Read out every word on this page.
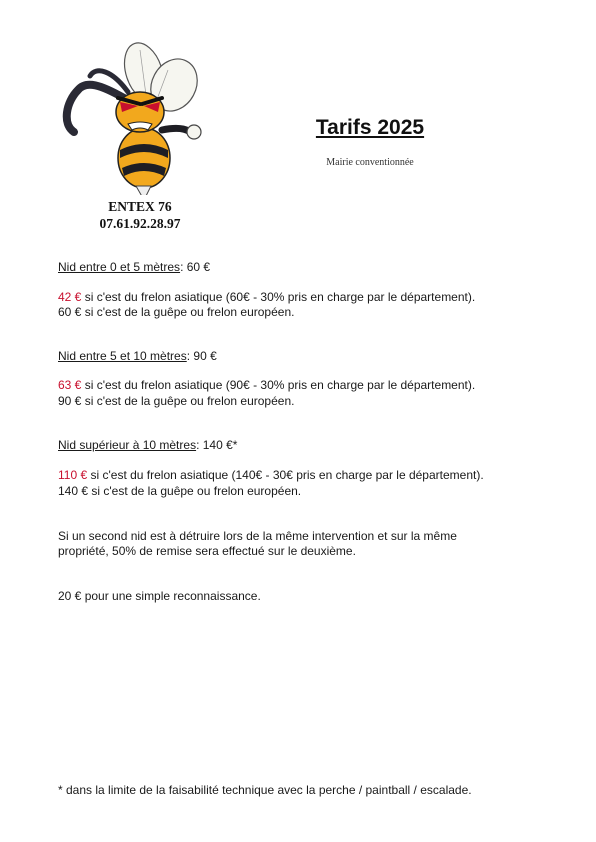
ENTEX 76
07.61.92.28.97
Tarifs 2025
Mairie conventionnée
Nid entre 0 et 5 mètres: 60 €
42 € si c'est du frelon asiatique (60€ - 30% pris en charge par le département).
60 € si c'est de la guêpe ou frelon européen.
Nid entre 5 et 10 mètres: 90 €
63 € si c'est du frelon asiatique (90€ - 30% pris en charge par le département).
90 € si c'est de la guêpe ou frelon européen.
Nid supérieur à 10 mètres: 140 €*
110 € si c'est du frelon asiatique (140€ - 30€ pris en charge par le département).
140 € si c'est de la guêpe ou frelon européen.
Si un second nid est à détruire lors de la même intervention et sur la même
propriété, 50% de remise sera effectué sur le deuxième.
20 € pour une simple reconnaissance.
* dans la limite de la faisabilité technique avec la perche / paintball / escalade.
